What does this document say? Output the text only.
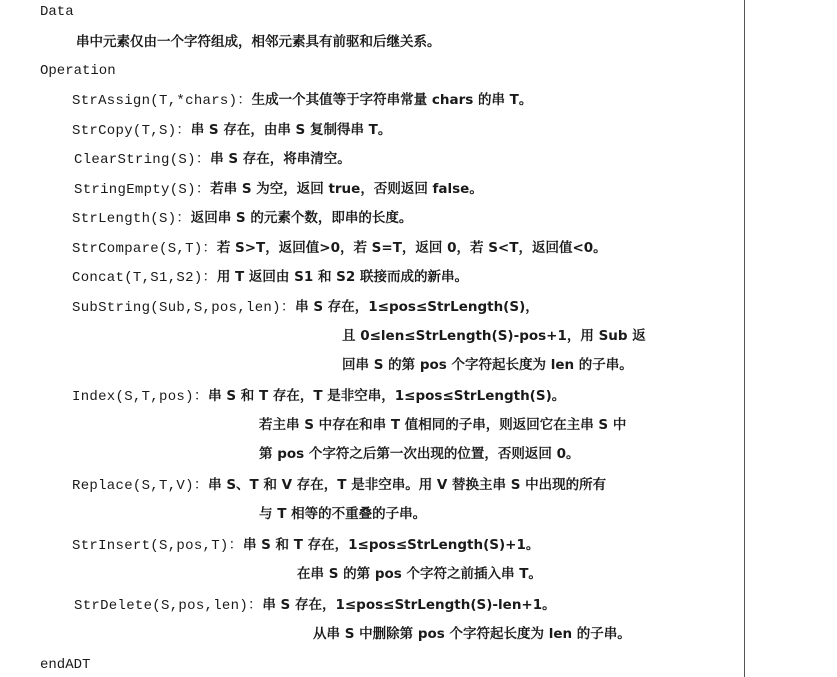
Data
串中元素仅由一个字符组成，相邻元素具有前驱和后继关系。
Operation
StrAssign(T,*chars)：生成一个其值等于字符串常量 chars 的串 T。
StrCopy(T,S)：串 S 存在，由串 S 复制得串 T。
ClearString(S)：串 S 存在，将串清空。
StringEmpty(S)：若串 S 为空，返回 true，否则返回 false。
StrLength(S)：返回串 S 的元素个数，即串的长度。
StrCompare(S,T)：若 S>T，返回值>0，若 S=T，返回 0，若 S<T，返回值<0。
Concat(T,S1,S2)：用 T 返回由 S1 和 S2 联接而成的新串。
SubString(Sub,S,pos,len)：串 S 存在，1≤pos≤StrLength(S)，
且 0≤len≤StrLength(S)-pos+1，用 Sub 返
回串 S 的第 pos 个字符起长度为 len 的子串。
Index(S,T,pos)：串 S 和 T 存在，T 是非空串，1≤pos≤StrLength(S)。
若主串 S 中存在和串 T 值相同的子串，则返回它在主串 S 中
第 pos 个字符之后第一次出现的位置，否则返回 0。
Replace(S,T,V)：串 S、T 和 V 存在，T 是非空串。用 V 替换主串 S 中出现的所有
与 T 相等的不重叠的子串。
StrInsert(S,pos,T)：串 S 和 T 存在，1≤pos≤StrLength(S)+1。
在串 S 的第 pos 个字符之前插入串 T。
StrDelete(S,pos,len)：串 S 存在，1≤pos≤StrLength(S)-len+1。
从串 S 中删除第 pos 个字符起长度为 len 的子串。
endADT
